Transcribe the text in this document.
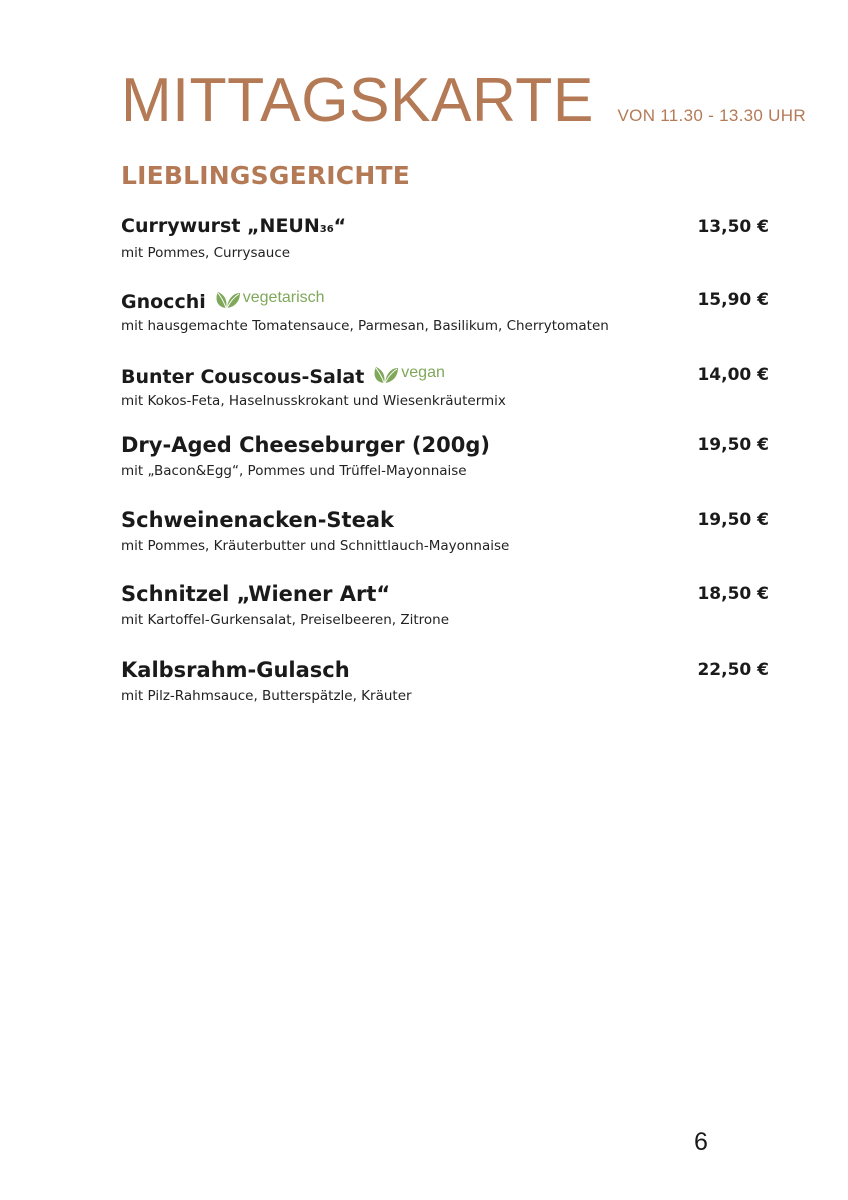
MITTAGSKARTE VON 11.30 - 13.30 UHR
LIEBLINGSGERICHTE
Currywurst „NEUN 36 “	13,50 €
mit Pommes, Currysauce
Gnocchi vegetarisch	15,90 €
mit hausgemachte Tomatensauce, Parmesan, Basilikum, Cherrytomaten
Bunter Couscous-Salat vegan	14,00 €
mit Kokos-Feta, Haselnusskrokant und Wiesenkräutermix
Dry-Aged Cheeseburger (200g)	19,50 €
mit „Bacon&Egg“, Pommes und Trüffel-Mayonnaise
Schweinenacken-Steak	19,50 €
mit Pommes, Kräuterbutter und Schnittlauch-Mayonnaise
Schnitzel „Wiener Art“	18,50 €
mit Kartoffel-Gurkensalat, Preiselbeeren, Zitrone
Kalbsrahm-Gulasch	22,50 €
mit Pilz-Rahmsauce, Butterspätzle, Kräuter
6
